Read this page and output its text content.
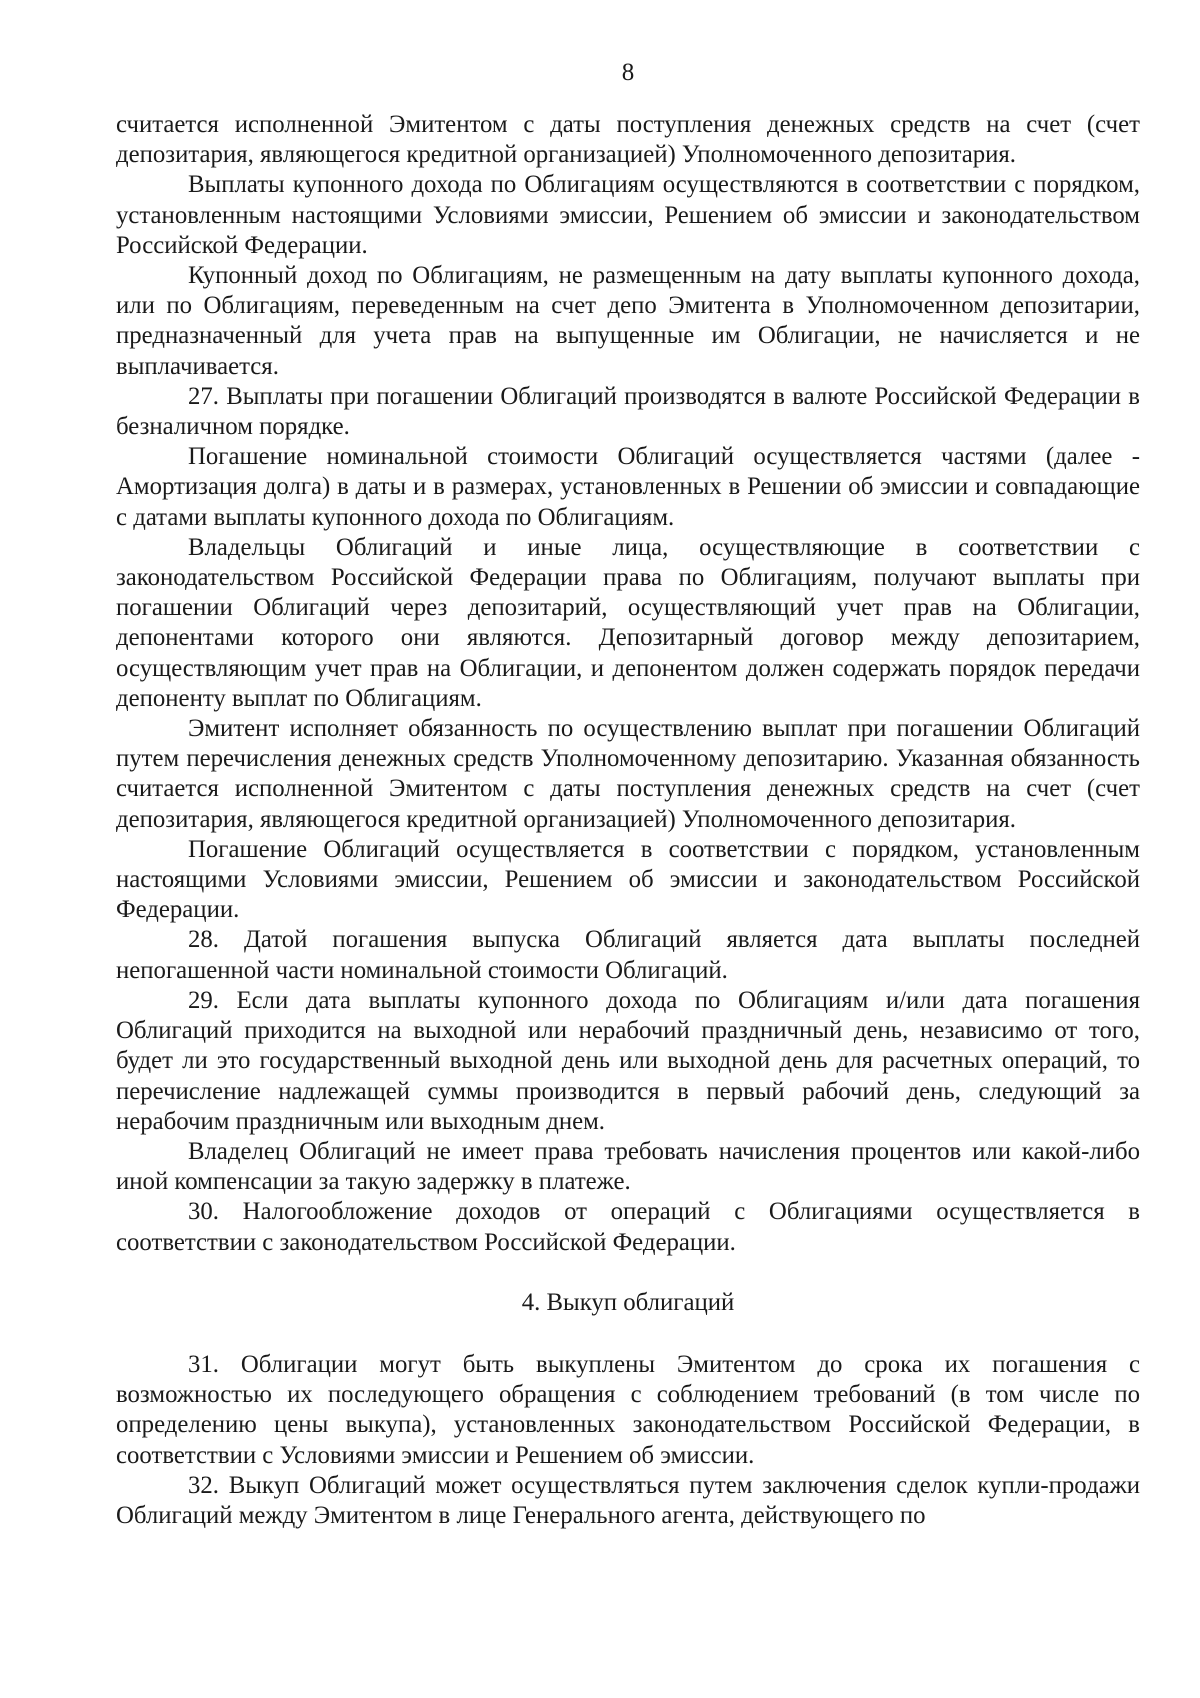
8

считается исполненной Эмитентом с даты поступления денежных средств на счет (счет депозитария, являющегося кредитной организацией) Уполномоченного депозитария.

Выплаты купонного дохода по Облигациям осуществляются в соответствии с порядком, установленным настоящими Условиями эмиссии, Решением об эмиссии и законодательством Российской Федерации.

Купонный доход по Облигациям, не размещенным на дату выплаты купонного дохода, или по Облигациям, переведенным на счет депо Эмитента в Уполномоченном депозитарии, предназначенный для учета прав на выпущенные им Облигации, не начисляется и не выплачивается.

27. Выплаты при погашении Облигаций производятся в валюте Российской Федерации в безналичном порядке.

Погашение номинальной стоимости Облигаций осуществляется частями (далее - Амортизация долга) в даты и в размерах, установленных в Решении об эмиссии и совпадающие с датами выплаты купонного дохода по Облигациям.

Владельцы Облигаций и иные лица, осуществляющие в соответствии с законодательством Российской Федерации права по Облигациям, получают выплаты при погашении Облигаций через депозитарий, осуществляющий учет прав на Облигации, депонентами которого они являются. Депозитарный договор между депозитарием, осуществляющим учет прав на Облигации, и депонентом должен содержать порядок передачи депоненту выплат по Облигациям.

Эмитент исполняет обязанность по осуществлению выплат при погашении Облигаций путем перечисления денежных средств Уполномоченному депозитарию. Указанная обязанность считается исполненной Эмитентом с даты поступления денежных средств на счет (счет депозитария, являющегося кредитной организацией) Уполномоченного депозитария.

Погашение Облигаций осуществляется в соответствии с порядком, установленным настоящими Условиями эмиссии, Решением об эмиссии и законодательством Российской Федерации.

28. Датой погашения выпуска Облигаций является дата выплаты последней непогашенной части номинальной стоимости Облигаций.

29. Если дата выплаты купонного дохода по Облигациям и/или дата погашения Облигаций приходится на выходной или нерабочий праздничный день, независимо от того, будет ли это государственный выходной день или выходной день для расчетных операций, то перечисление надлежащей суммы производится в первый рабочий день, следующий за нерабочим праздничным или выходным днем.

Владелец Облигаций не имеет права требовать начисления процентов или какой-либо иной компенсации за такую задержку в платеже.

30. Налогообложение доходов от операций с Облигациями осуществляется в соответствии с законодательством Российской Федерации.

4. Выкуп облигаций

31. Облигации могут быть выкуплены Эмитентом до срока их погашения с возможностью их последующего обращения с соблюдением требований (в том числе по определению цены выкупа), установленных законодательством Российской Федерации, в соответствии с Условиями эмиссии и Решением об эмиссии.

32. Выкуп Облигаций может осуществляться путем заключения сделок купли-продажи Облигаций между Эмитентом в лице Генерального агента, действующего по
